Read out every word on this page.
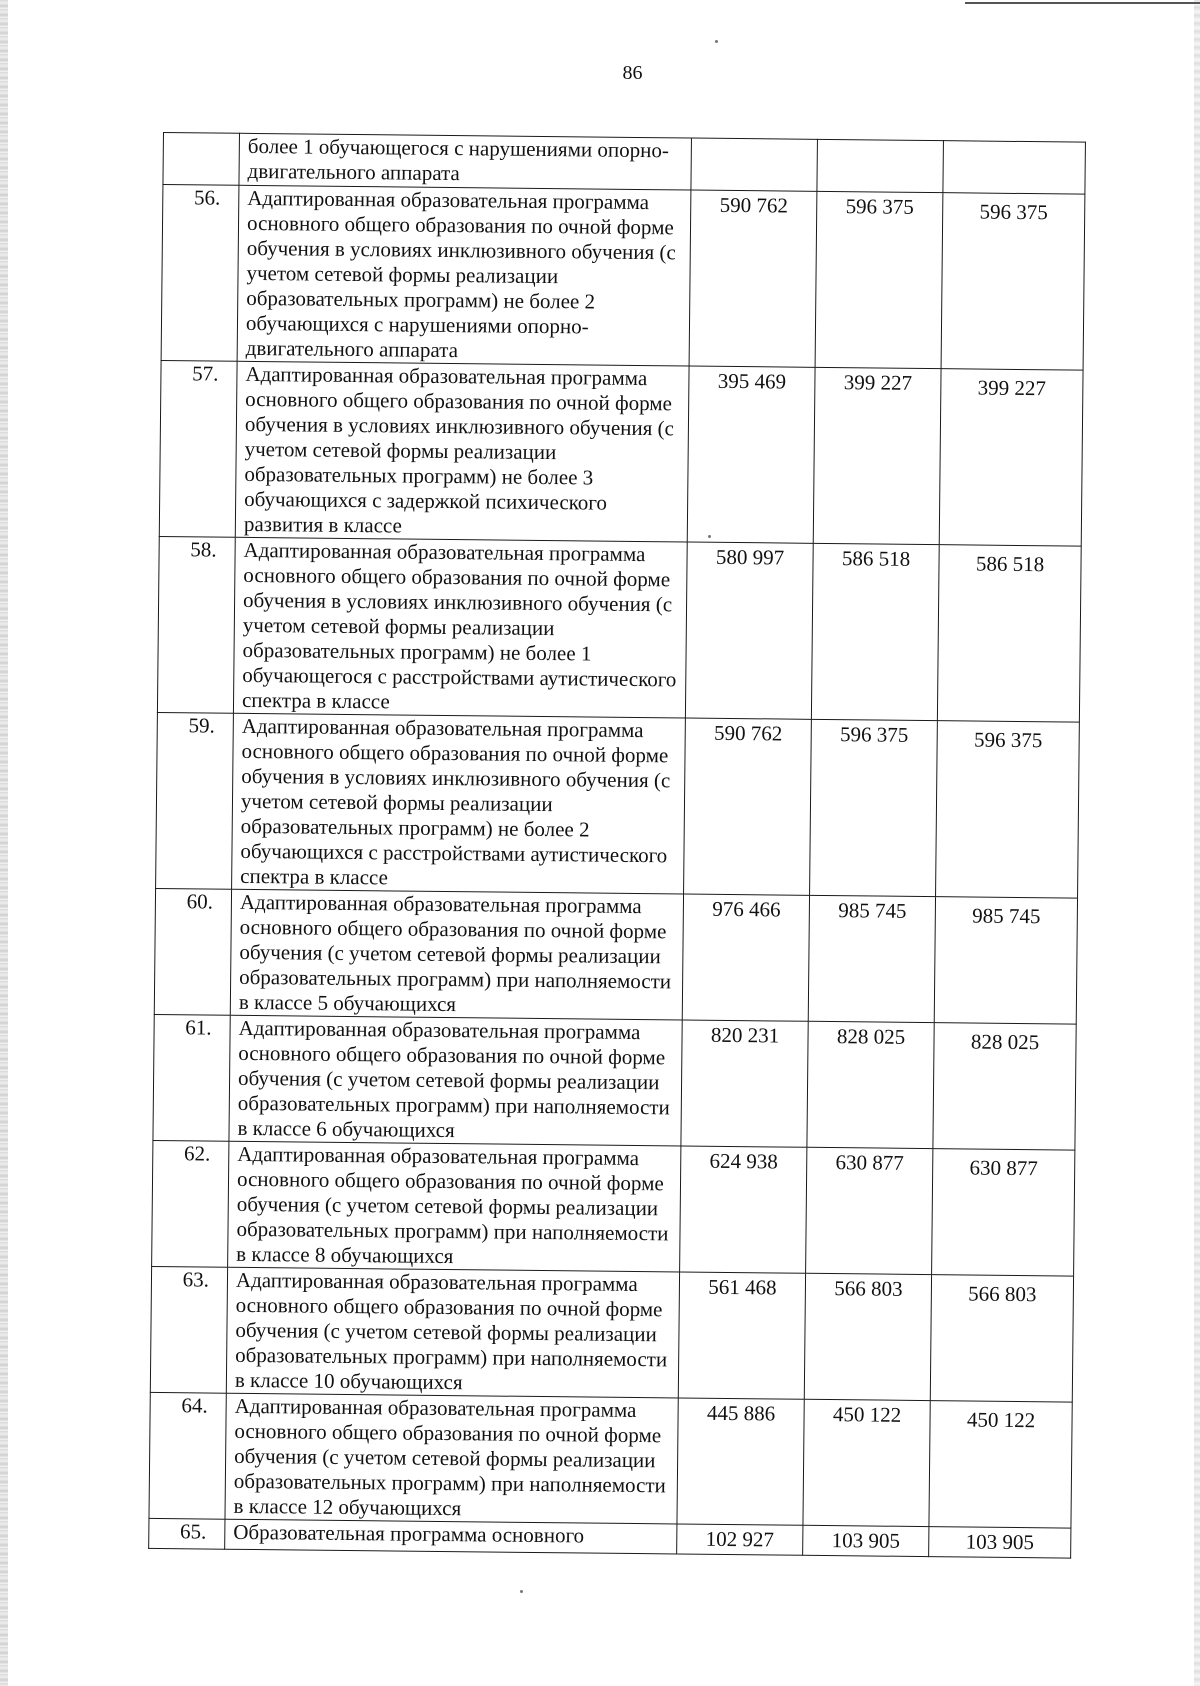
86
	более 1 обучающегося с нарушениями опорно-двигательного аппарата			
56.	Адаптированная образовательная программа основного общего образования по очной форме обучения в условиях инклюзивного обучения (с учетом сетевой формы реализации образовательных программ) не более 2 обучающихся с нарушениями опорно-двигательного аппарата	590 762	596 375	596 375
57.	Адаптированная образовательная программа основного общего образования по очной форме обучения в условиях инклюзивного обучения (с учетом сетевой формы реализации образовательных программ) не более 3 обучающихся с задержкой психического развития в классе	395 469	399 227	399 227
58.	Адаптированная образовательная программа основного общего образования по очной форме обучения в условиях инклюзивного обучения (с учетом сетевой формы реализации образовательных программ) не более 1 обучающегося с расстройствами аутистического спектра в классе	580 997	586 518	586 518
59.	Адаптированная образовательная программа основного общего образования по очной форме обучения в условиях инклюзивного обучения (с учетом сетевой формы реализации образовательных программ) не более 2 обучающихся с расстройствами аутистического спектра в классе	590 762	596 375	596 375
60.	Адаптированная образовательная программа основного общего образования по очной форме обучения (с учетом сетевой формы реализации образовательных программ) при наполняемости в классе 5 обучающихся	976 466	985 745	985 745
61.	Адаптированная образовательная программа основного общего образования по очной форме обучения (с учетом сетевой формы реализации образовательных программ) при наполняемости в классе 6 обучающихся	820 231	828 025	828 025
62.	Адаптированная образовательная программа основного общего образования по очной форме обучения (с учетом сетевой формы реализации образовательных программ) при наполняемости в классе 8 обучающихся	624 938	630 877	630 877
63.	Адаптированная образовательная программа основного общего образования по очной форме обучения (с учетом сетевой формы реализации образовательных программ) при наполняемости в классе 10 обучающихся	561 468	566 803	566 803
64.	Адаптированная образовательная программа основного общего образования по очной форме обучения (с учетом сетевой формы реализации образовательных программ) при наполняемости в классе 12 обучающихся	445 886	450 122	450 122
65.	Образовательная программа основного	102 927	103 905	103 905
